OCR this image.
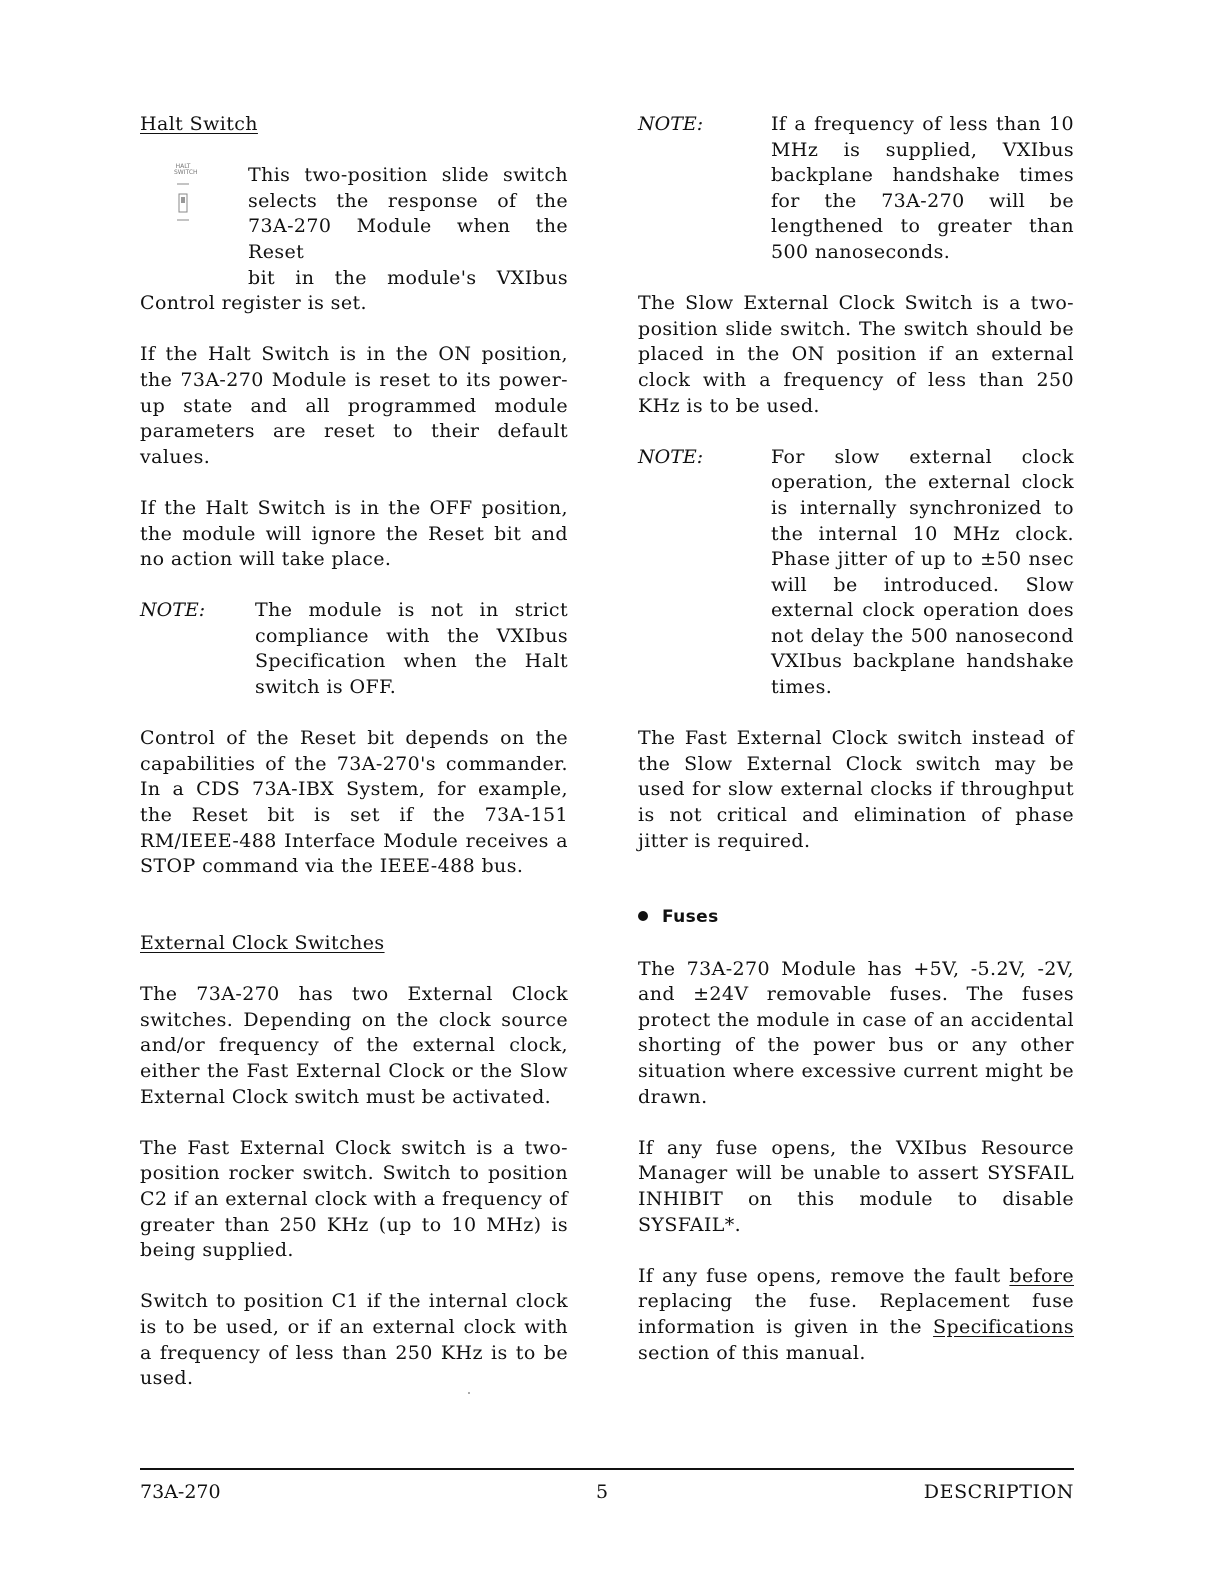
Halt Switch

HALT
SWITCH	This two-position slide switch

selects the response of the

73A-270 Module when the Reset

bit in the module's VXIbus

Control register is set.

If the Halt Switch is in the ON position, the 73A-270 Module is reset to its power-up state and all programmed module parameters are reset to their default values.

If the Halt Switch is in the OFF position, the module will ignore the Reset bit and no action will take place.

NOTE:	The module is not in strict compliance with the VXIbus Specification when the Halt switch is OFF.

Control of the Reset bit depends on the capabilities of the 73A-270's commander. In a CDS 73A-IBX System, for example, the Reset bit is set if the 73A-151 RM/IEEE-488 Interface Module receives a STOP command via the IEEE-488 bus.

External Clock Switches

The 73A-270 has two External Clock switches. Depending on the clock source and/or frequency of the external clock, either the Fast External Clock or the Slow External Clock switch must be activated.

The Fast External Clock switch is a two-position rocker switch. Switch to position C2 if an external clock with a frequency of greater than 250 KHz (up to 10 MHz) is being supplied.

Switch to position C1 if the internal clock is to be used, or if an external clock with a frequency of less than 250 KHz is to be used.

NOTE:	If a frequency of less than 10 MHz is supplied, VXIbus backplane handshake times for the 73A-270 will be lengthened to greater than 500 nanoseconds.

The Slow External Clock Switch is a two-position slide switch. The switch should be placed in the ON position if an external clock with a frequency of less than 250 KHz is to be used.

NOTE:	For slow external clock operation, the external clock is internally synchronized to the internal 10 MHz clock. Phase jitter of up to ±50 nsec will be introduced. Slow external clock operation does not delay the 500 nanosecond VXIbus backplane handshake times.

The Fast External Clock switch instead of the Slow External Clock switch may be used for slow external clocks if throughput is not critical and elimination of phase jitter is required.

Fuses

The 73A-270 Module has +5V, -5.2V, -2V, and ±24V removable fuses. The fuses protect the module in case of an accidental shorting of the power bus or any other situation where excessive current might be drawn.

If any fuse opens, the VXIbus Resource Manager will be unable to assert SYSFAIL INHIBIT on this module to disable SYSFAIL*.

If any fuse opens, remove the fault before replacing the fuse. Replacement fuse information is given in the Specifications section of this manual.

73A-270	5	DESCRIPTION
